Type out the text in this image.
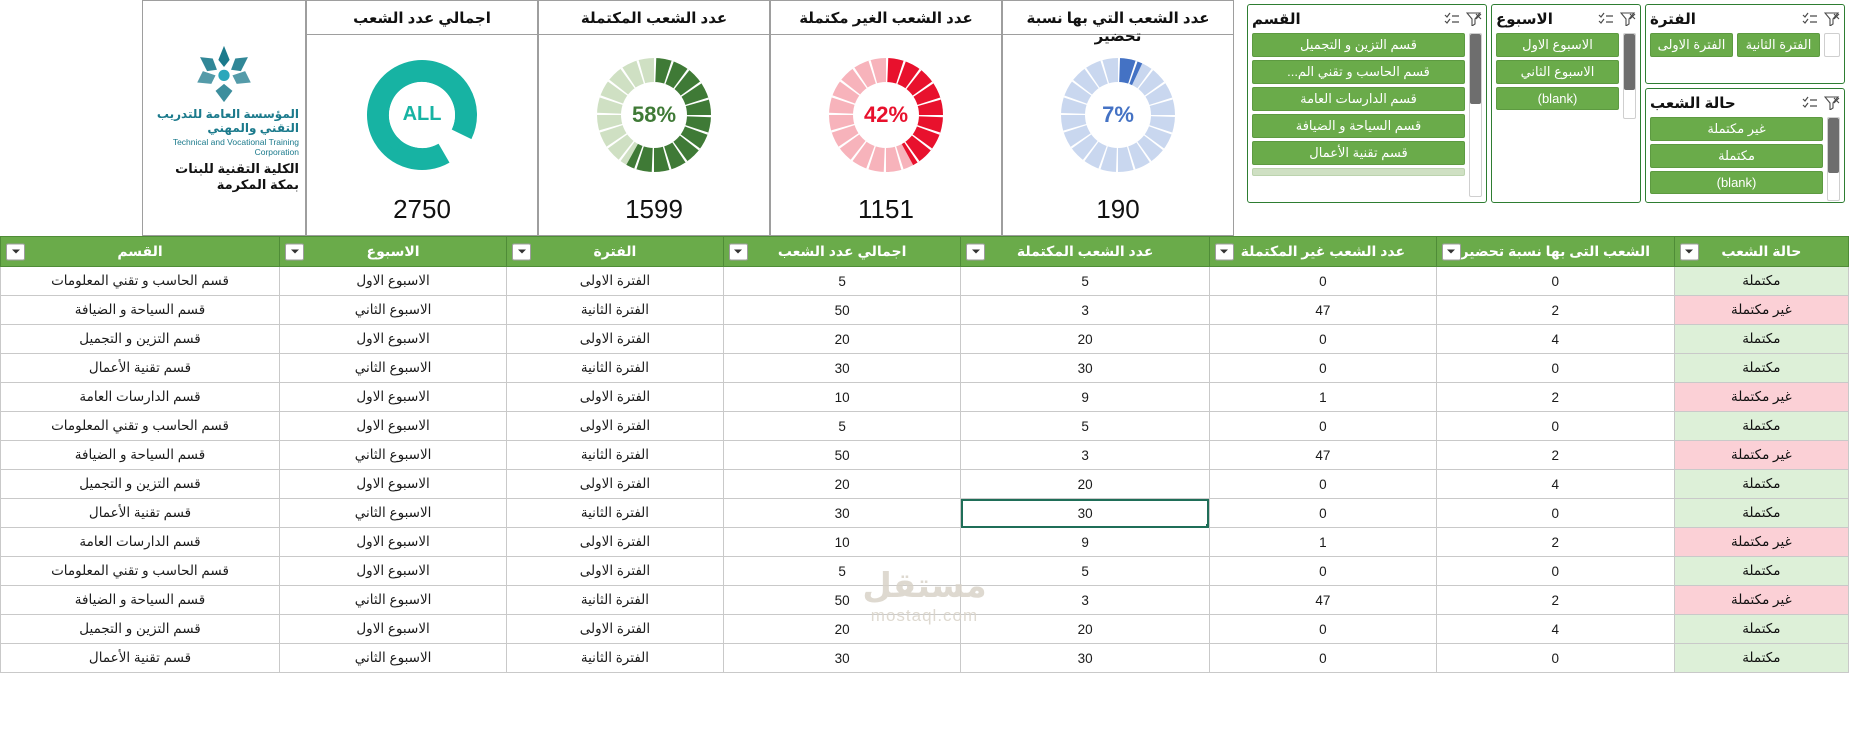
الفترة
الفترة الثانية
الفترة الاولى
حالة الشعب
غير مكتملة
مكتملة
(blank)
الاسبوع
الاسبوع الاول
الاسبوع الثاني
(blank)
القسم
قسم التزين و التجميل
قسم الحاسب و تقني الم...
قسم الدارسات العامة
قسم السياحة و الضيافة
قسم تقنية الأعمال
عدد الشعب التي بها نسبة تحضير
7%
190
عدد الشعب الغير مكتملة
42%
1151
عدد الشعب المكتملة
58%
1599
اجمالي عدد الشعب
ALL
2750
المؤسسة العامة للتدريب التقني والمهني
Technical and Vocational Training Corporation
الكلية التقنية للبنات بمكة المكرمة
حالة الشعب	الشعب التى بها نسبة تحضير	عدد الشعب غير المكتملة	عدد الشعب المكتملة	اجمالي عدد الشعب	الفترة	الاسبوع	القسم
مكتملة	0	0	5	5	الفترة الاولى	الاسبوع الاول	قسم الحاسب و تقني المعلومات
غير مكتملة	2	47	3	50	الفترة الثانية	الاسبوع الثاني	قسم السياحة و الضيافة
مكتملة	4	0	20	20	الفترة الاولى	الاسبوع الاول	قسم التزين و التجميل
مكتملة	0	0	30	30	الفترة الثانية	الاسبوع الثاني	قسم تقنية الأعمال
غير مكتملة	2	1	9	10	الفترة الاولى	الاسبوع الاول	قسم الدارسات العامة
مكتملة	0	0	5	5	الفترة الاولى	الاسبوع الاول	قسم الحاسب و تقني المعلومات
غير مكتملة	2	47	3	50	الفترة الثانية	الاسبوع الثاني	قسم السياحة و الضيافة
مكتملة	4	0	20	20	الفترة الاولى	الاسبوع الاول	قسم التزين و التجميل
مكتملة	0	0	30	30	الفترة الثانية	الاسبوع الثاني	قسم تقنية الأعمال
غير مكتملة	2	1	9	10	الفترة الاولى	الاسبوع الاول	قسم الدارسات العامة
مكتملة	0	0	5	5	الفترة الاولى	الاسبوع الاول	قسم الحاسب و تقني المعلومات
غير مكتملة	2	47	3	50	الفترة الثانية	الاسبوع الثاني	قسم السياحة و الضيافة
مكتملة	4	0	20	20	الفترة الاولى	الاسبوع الاول	قسم التزين و التجميل
مكتملة	0	0	30	30	الفترة الثانية	الاسبوع الثاني	قسم تقنية الأعمال
مستقل
mostaql.com
